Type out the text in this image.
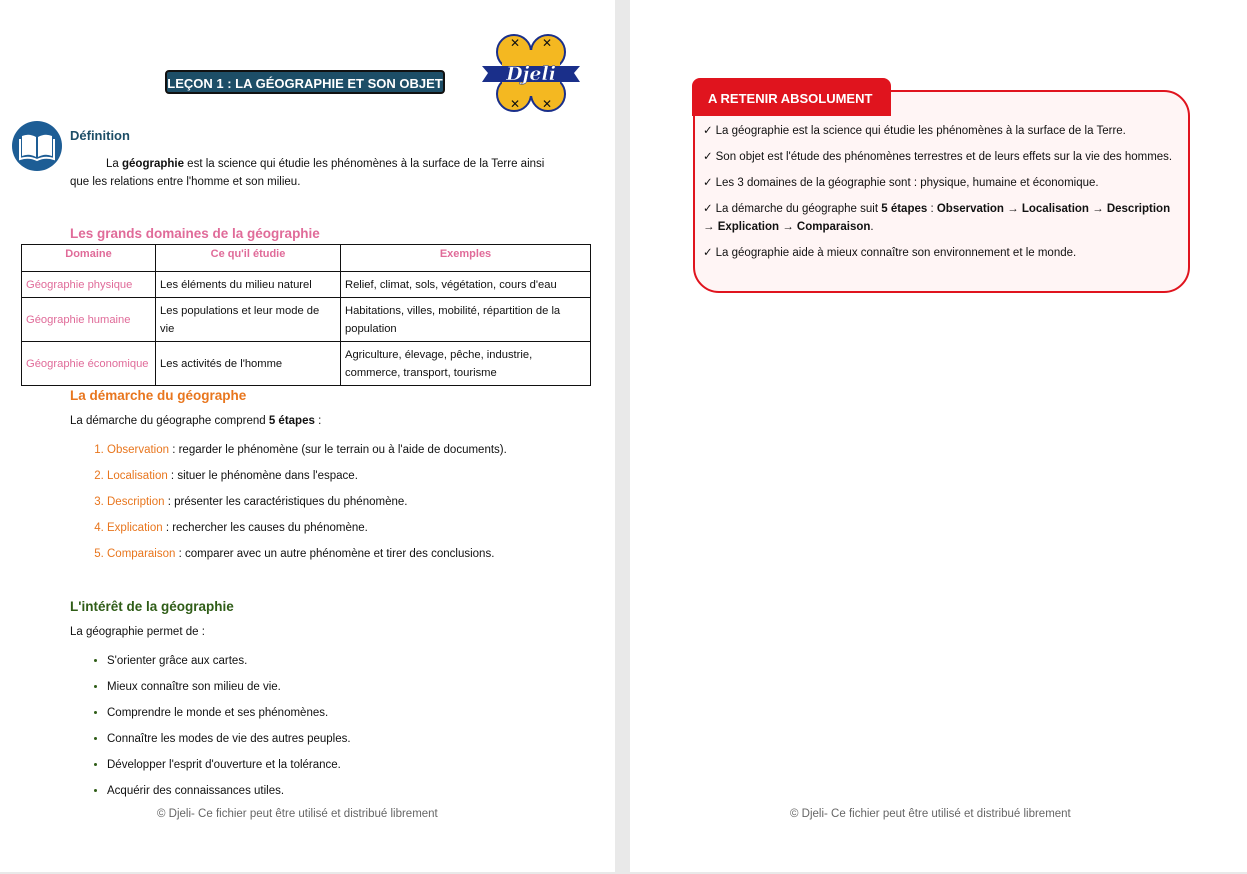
LEÇON 1 : LA GÉOGRAPHIE ET SON OBJET
✕ ✕
✕ ✕
Djeli
Définition
La géographie est la science qui étudie les phénomènes à la surface de la Terre ainsi que les relations entre l'homme et son milieu.
Les grands domaines de la géographie
Domaine	Ce qu'il étudie	Exemples
Géographie physique	Les éléments du milieu naturel	Relief, climat, sols, végétation, cours d'eau
Géographie humaine	Les populations et leur mode de vie	Habitations, villes, mobilité, répartition de la population
Géographie économique	Les activités de l'homme	Agriculture, élevage, pêche, industrie, commerce, transport, tourisme
La démarche du géographe
La démarche du géographe comprend 5 étapes :
1. Observation : regarder le phénomène (sur le terrain ou à l'aide de documents).
2. Localisation : situer le phénomène dans l'espace.
3. Description : présenter les caractéristiques du phénomène.
4. Explication : rechercher les causes du phénomène.
5. Comparaison : comparer avec un autre phénomène et tirer des conclusions.
L'intérêt de la géographie
La géographie permet de :
• S'orienter grâce aux cartes.
• Mieux connaître son milieu de vie.
• Comprendre le monde et ses phénomènes.
• Connaître les modes de vie des autres peuples.
• Développer l'esprit d'ouverture et la tolérance.
• Acquérir des connaissances utiles.
© Djeli- Ce fichier peut être utilisé et distribué librement
A RETENIR ABSOLUMENT
✓ La géographie est la science qui étudie les phénomènes à la surface de la Terre.
✓ Son objet est l'étude des phénomènes terrestres et de leurs effets sur la vie des hommes.
✓ Les 3 domaines de la géographie sont : physique, humaine et économique.
✓ La démarche du géographe suit 5 étapes : Observation → Localisation → Description → Explication → Comparaison.
✓ La géographie aide à mieux connaître son environnement et le monde.
© Djeli- Ce fichier peut être utilisé et distribué librement
